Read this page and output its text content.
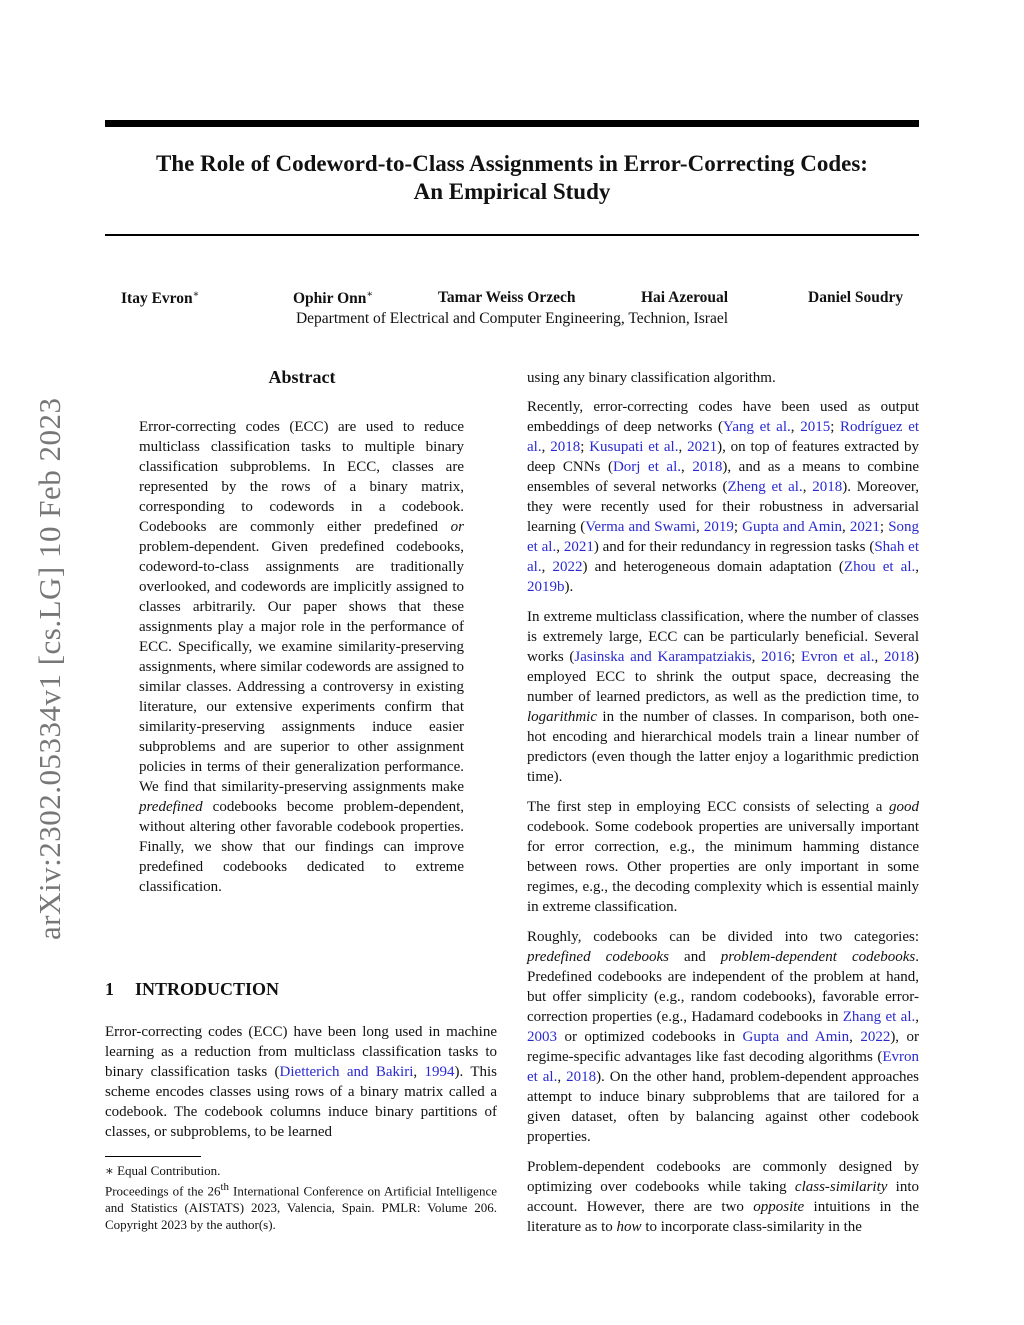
The Role of Codeword-to-Class Assignments in Error-Correcting Codes:
An Empirical Study
Itay Evron∗	Ophir Onn∗	Tamar Weiss Orzech	Hai Azeroual	Daniel Soudry
Department of Electrical and Computer Engineering, Technion, Israel
arXiv:2302.05334v1 [cs.LG] 10 Feb 2023
Abstract
Error-correcting codes (ECC) are used to reduce multiclass classification tasks to multiple binary classification subproblems. In ECC, classes are represented by the rows of a binary matrix, corresponding to codewords in a codebook. Codebooks are commonly either predefined or problem-dependent. Given predefined codebooks, codeword-to-class assignments are traditionally overlooked, and codewords are implicitly assigned to classes arbitrarily. Our paper shows that these assignments play a major role in the performance of ECC. Specifically, we examine similarity-preserving assignments, where similar codewords are assigned to similar classes. Addressing a controversy in existing literature, our extensive experiments confirm that similarity-preserving assignments induce easier subproblems and are superior to other assignment policies in terms of their generalization performance. We find that similarity-preserving assignments make predefined codebooks become problem-dependent, without altering other favorable codebook properties. Finally, we show that our findings can improve predefined codebooks dedicated to extreme classification.
1 INTRODUCTION
Error-correcting codes (ECC) have been long used in machine learning as a reduction from multiclass classification tasks to binary classification tasks (Dietterich and Bakiri, 1994). This scheme encodes classes using rows of a binary matrix called a codebook. The codebook columns induce binary partitions of classes, or subproblems, to be learned
∗ Equal Contribution.
Proceedings of the 26th International Conference on Artificial Intelligence and Statistics (AISTATS) 2023, Valencia, Spain. PMLR: Volume 206. Copyright 2023 by the author(s).

using any binary classification algorithm.

Recently, error-correcting codes have been used as output embeddings of deep networks (Yang et al., 2015; Rodríguez et al., 2018; Kusupati et al., 2021), on top of features extracted by deep CNNs (Dorj et al., 2018), and as a means to combine ensembles of several networks (Zheng et al., 2018). Moreover, they were recently used for their robustness in adversarial learning (Verma and Swami, 2019; Gupta and Amin, 2021; Song et al., 2021) and for their redundancy in regression tasks (Shah et al., 2022) and heterogeneous domain adaptation (Zhou et al., 2019b).

In extreme multiclass classification, where the number of classes is extremely large, ECC can be particularly beneficial. Several works (Jasinska and Karampatziakis, 2016; Evron et al., 2018) employed ECC to shrink the output space, decreasing the number of learned predictors, as well as the prediction time, to logarithmic in the number of classes. In comparison, both one-hot encoding and hierarchical models train a linear number of predictors (even though the latter enjoy a logarithmic prediction time).

The first step in employing ECC consists of selecting a good codebook. Some codebook properties are universally important for error correction, e.g., the minimum hamming distance between rows. Other properties are only important in some regimes, e.g., the decoding complexity which is essential mainly in extreme classification.

Roughly, codebooks can be divided into two categories: predefined codebooks and problem-dependent codebooks. Predefined codebooks are independent of the problem at hand, but offer simplicity (e.g., random codebooks), favorable error-correction properties (e.g., Hadamard codebooks in Zhang et al., 2003 or optimized codebooks in Gupta and Amin, 2022), or regime-specific advantages like fast decoding algorithms (Evron et al., 2018). On the other hand, problem-dependent approaches attempt to induce binary subproblems that are tailored for a given dataset, often by balancing against other codebook properties.

Problem-dependent codebooks are commonly designed by optimizing over codebooks while taking class-similarity into account. However, there are two opposite intuitions in the literature as to how to incorporate class-similarity in the
